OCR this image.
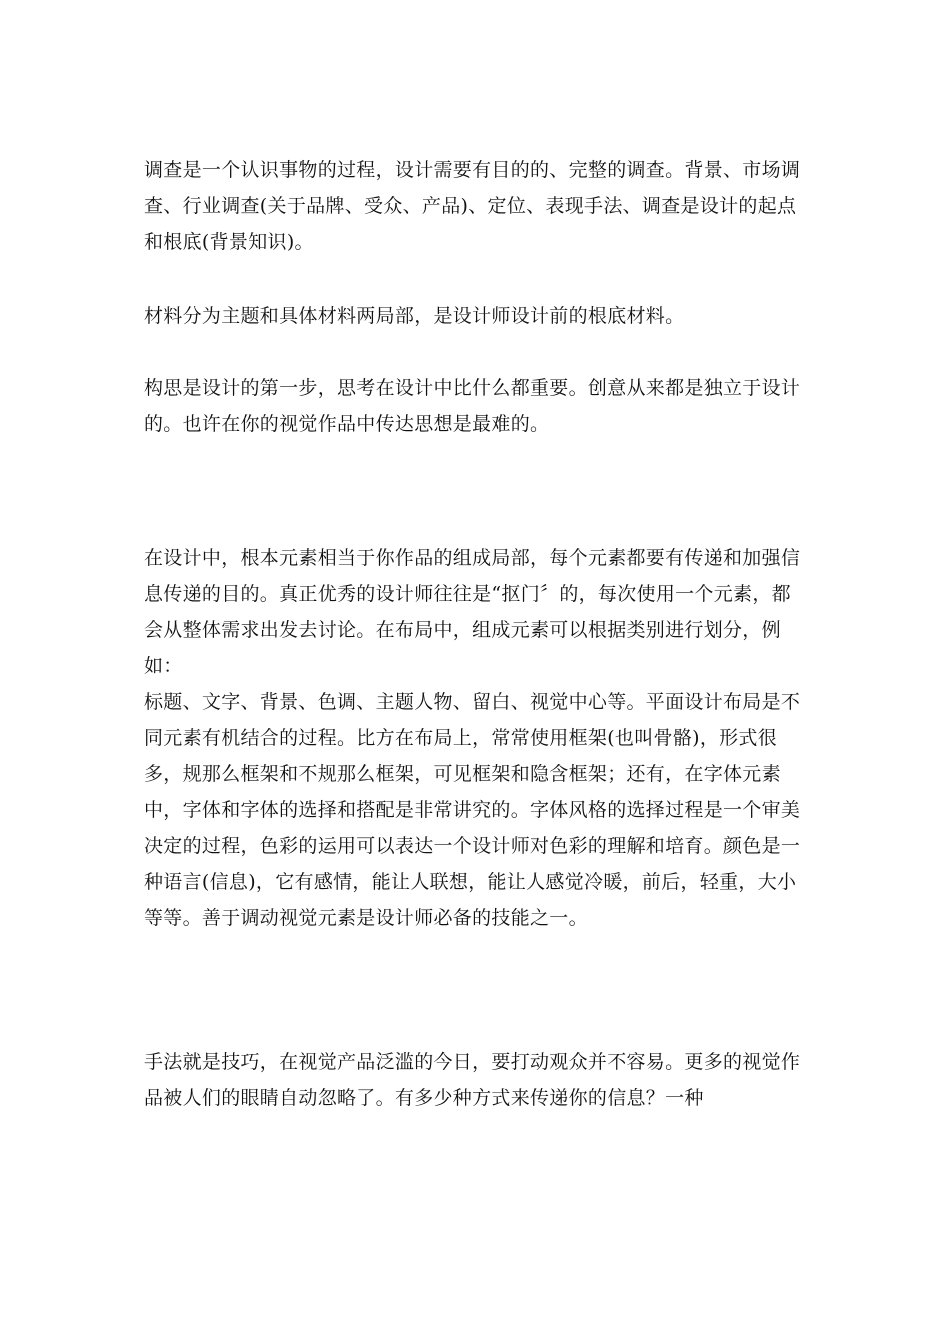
调查是一个认识事物的过程，设计需要有目的的、完整的调查。背景、市场调查、行业调查(关于品牌、受众、产品)、定位、表现手法、调查是设计的起点和根底(背景知识)。

材料分为主题和具体材料两局部，是设计师设计前的根底材料。

构思是设计的第一步，思考在设计中比什么都重要。创意从来都是独立于设计的。也许在你的视觉作品中传达思想是最难的。

在设计中，根本元素相当于你作品的组成局部，每个元素都要有传递和加强信息传递的目的。真正优秀的设计师往往是“抠门〞的，每次使用一个元素，都会从整体需求出发去讨论。在布局中，组成元素可以根据类别进行划分，例如：

标题、文字、背景、色调、主题人物、留白、视觉中心等。平面设计布局是不同元素有机结合的过程。比方在布局上，常常使用框架(也叫骨骼)，形式很多，规那么框架和不规那么框架，可见框架和隐含框架；还有，在字体元素中，字体和字体的选择和搭配是非常讲究的。字体风格的选择过程是一个审美决定的过程，色彩的运用可以表达一个设计师对色彩的理解和培育。颜色是一种语言(信息)，它有感情，能让人联想，能让人感觉冷暖，前后，轻重，大小等等。善于调动视觉元素是设计师必备的技能之一。

手法就是技巧，在视觉产品泛滥的今日，要打动观众并不容易。更多的视觉作品被人们的眼睛自动忽略了。有多少种方式来传递你的信息？一种
